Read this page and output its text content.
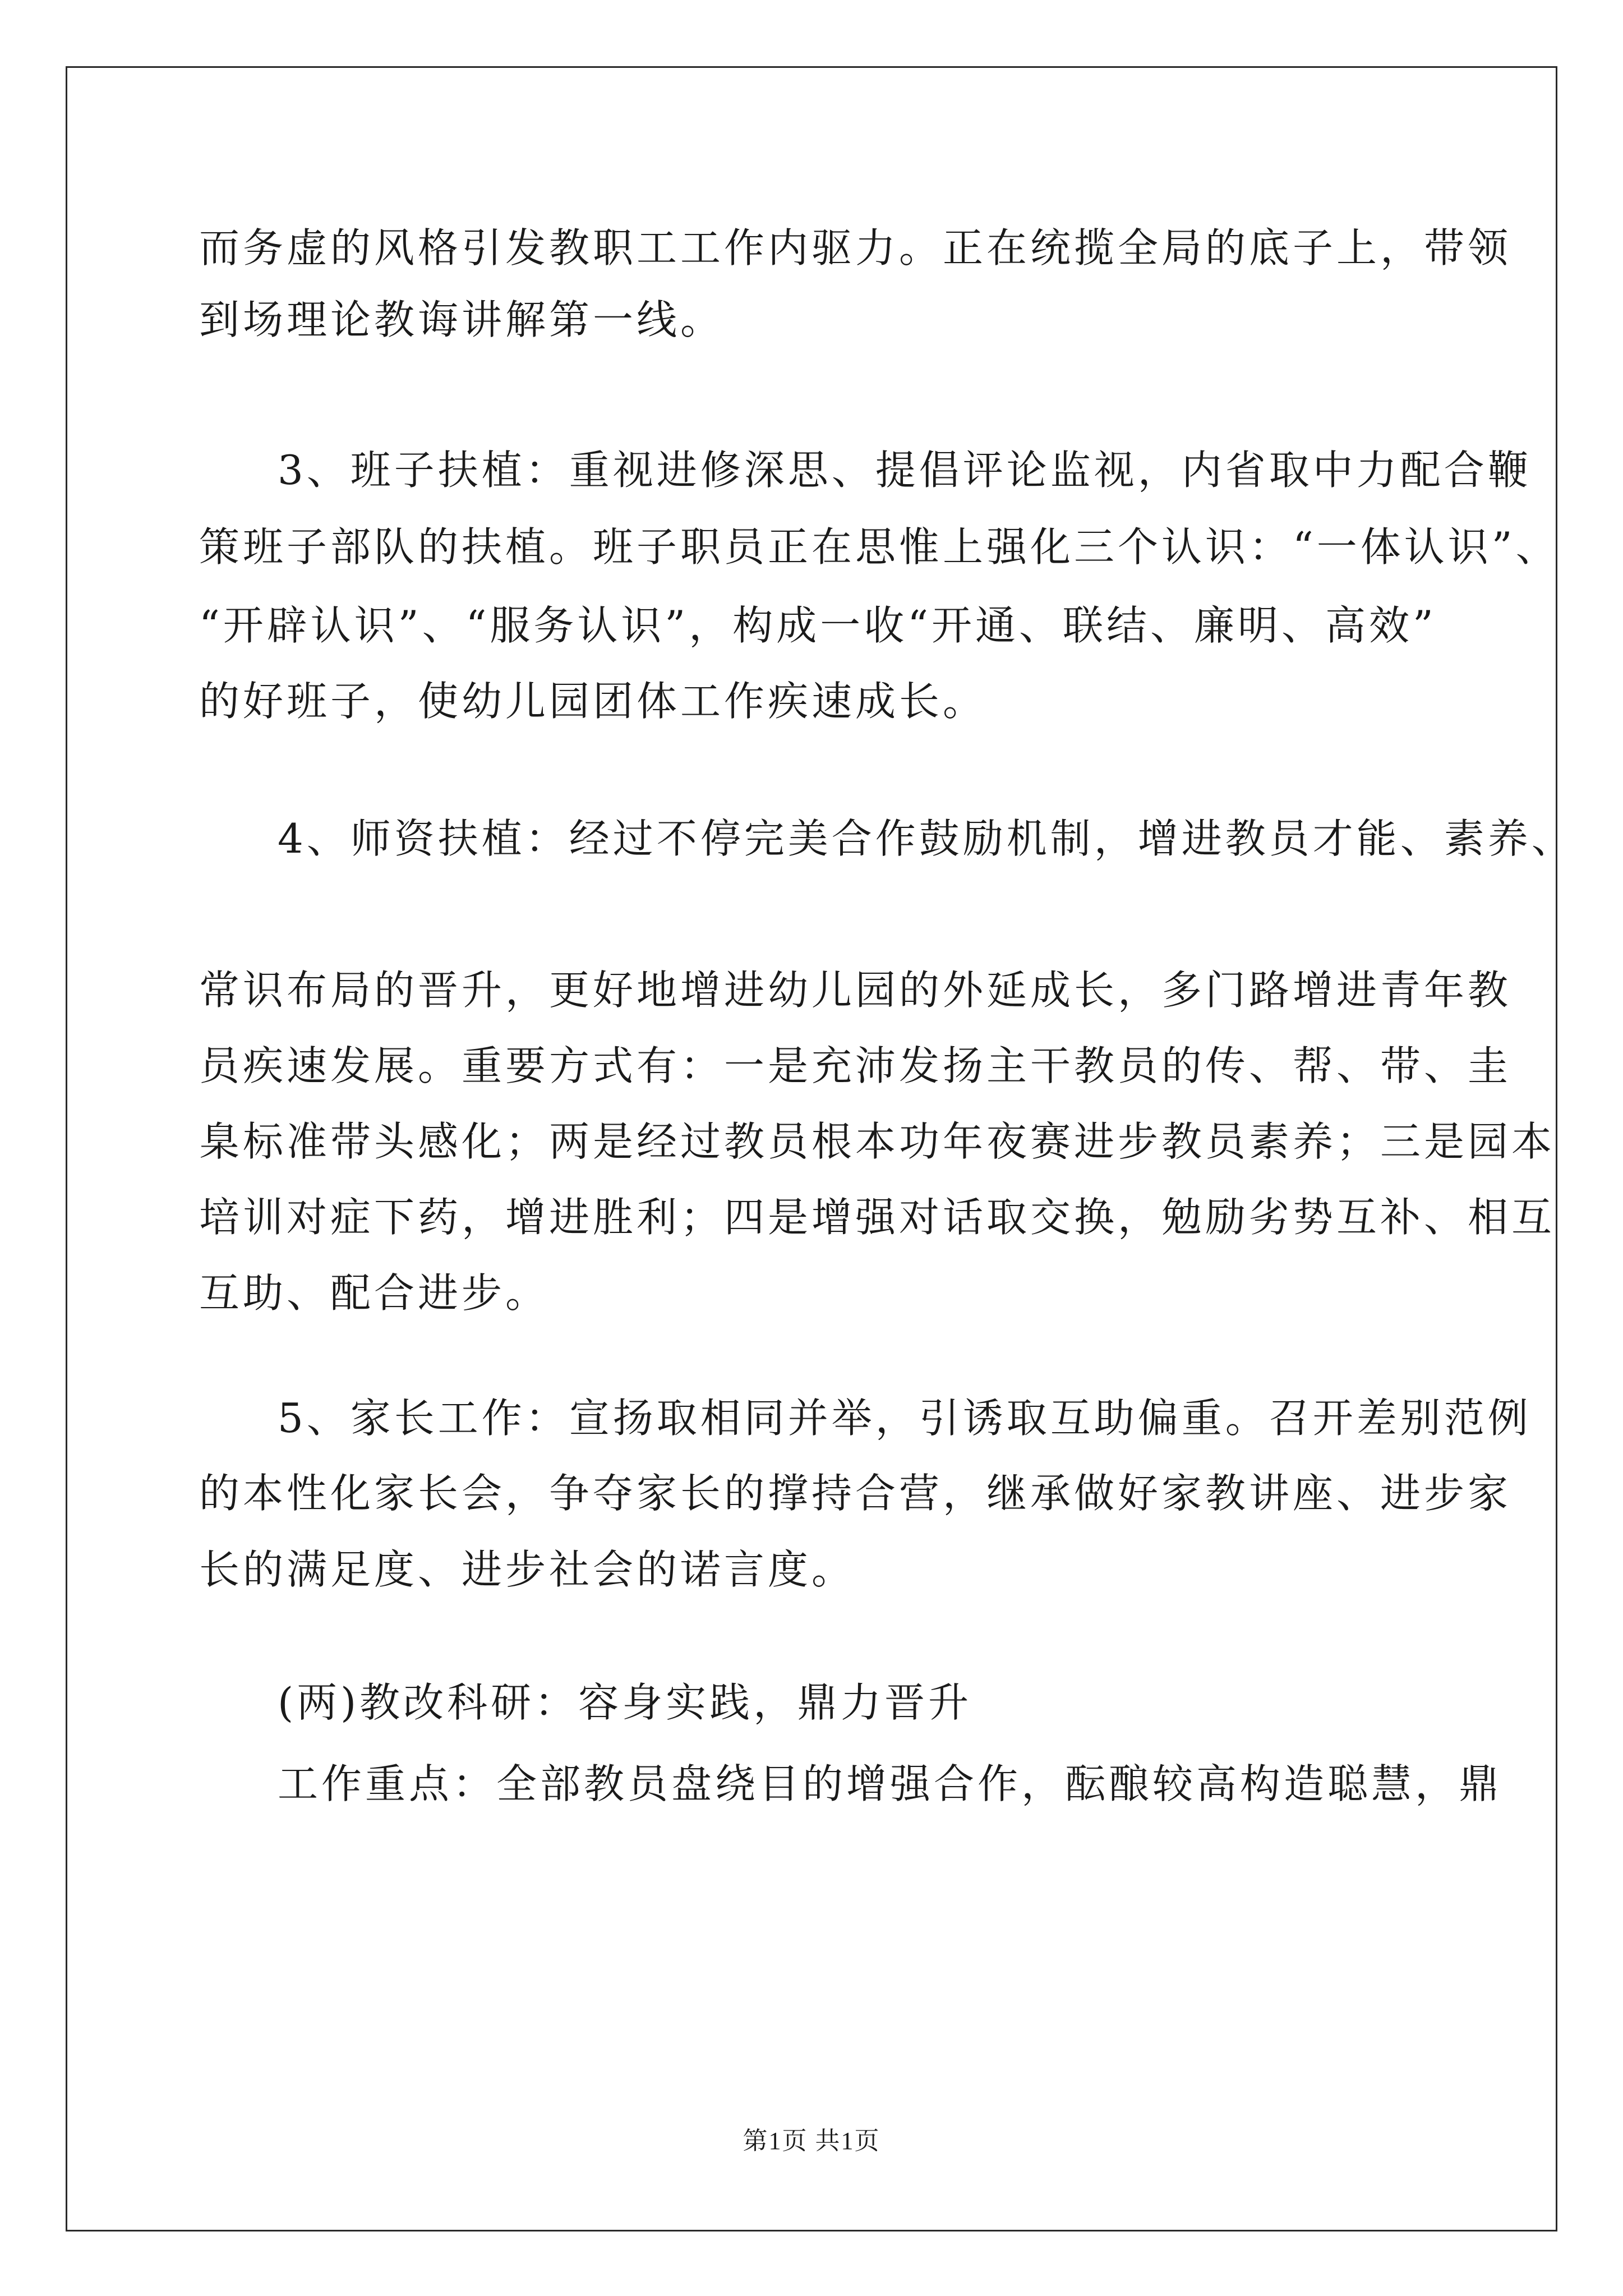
而务虚的风格引发教职工工作内驱力。正在统揽全局的底子上，带领
到场理论教诲讲解第一线。
3、班子扶植：重视进修深思、提倡评论监视，内省取中力配合鞭
策班子部队的扶植。班子职员正在思惟上强化三个认识：“一体认识”、
“开辟认识”、“服务认识”，构成一收“开通、联结、廉明、高效”
的好班子，使幼儿园团体工作疾速成长。
4、师资扶植：经过不停完美合作鼓励机制，增进教员才能、素养、
常识布局的晋升，更好地增进幼儿园的外延成长，多门路增进青年教
员疾速发展。重要方式有：一是充沛发扬主干教员的传、帮、带、圭
臬标准带头感化；两是经过教员根本功年夜赛进步教员素养；三是园本
培训对症下药，增进胜利；四是增强对话取交换，勉励劣势互补、相互
互助、配合进步。
5、家长工作：宣扬取相同并举，引诱取互助偏重。召开差别范例
的本性化家长会，争夺家长的撑持合营，继承做好家教讲座、进步家
长的满足度、进步社会的诺言度。
(两)教改科研：容身实践，鼎力晋升
工作重点：全部教员盘绕目的增强合作，酝酿较高构造聪慧，鼎
第1页 共1页
